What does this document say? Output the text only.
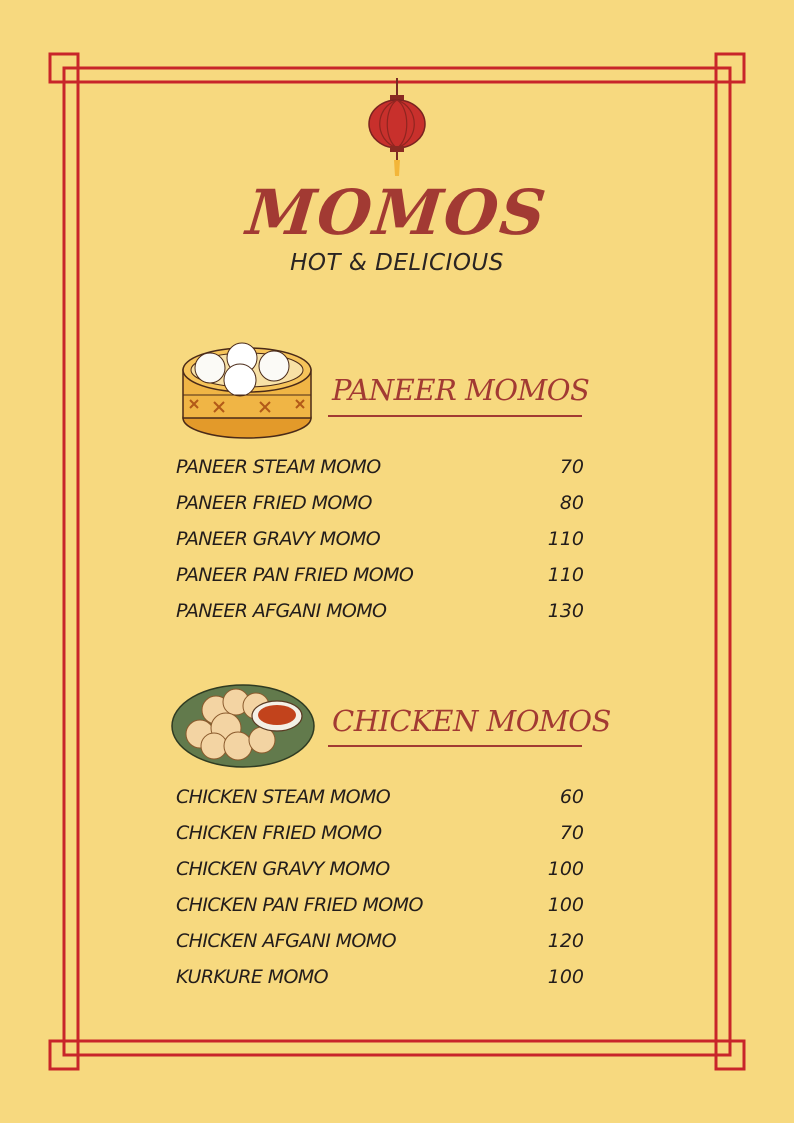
MOMOS
HOT & DELICIOUS
PANEER MOMOS
PANEER STEAM MOMO	70
PANEER FRIED MOMO	80
PANEER GRAVY MOMO	110
PANEER PAN FRIED MOMO	110
PANEER AFGANI MOMO	130
CHICKEN MOMOS
CHICKEN STEAM MOMO	60
CHICKEN FRIED MOMO	70
CHICKEN GRAVY MOMO	100
CHICKEN PAN FRIED MOMO	100
CHICKEN AFGANI MOMO	120
KURKURE MOMO	100
